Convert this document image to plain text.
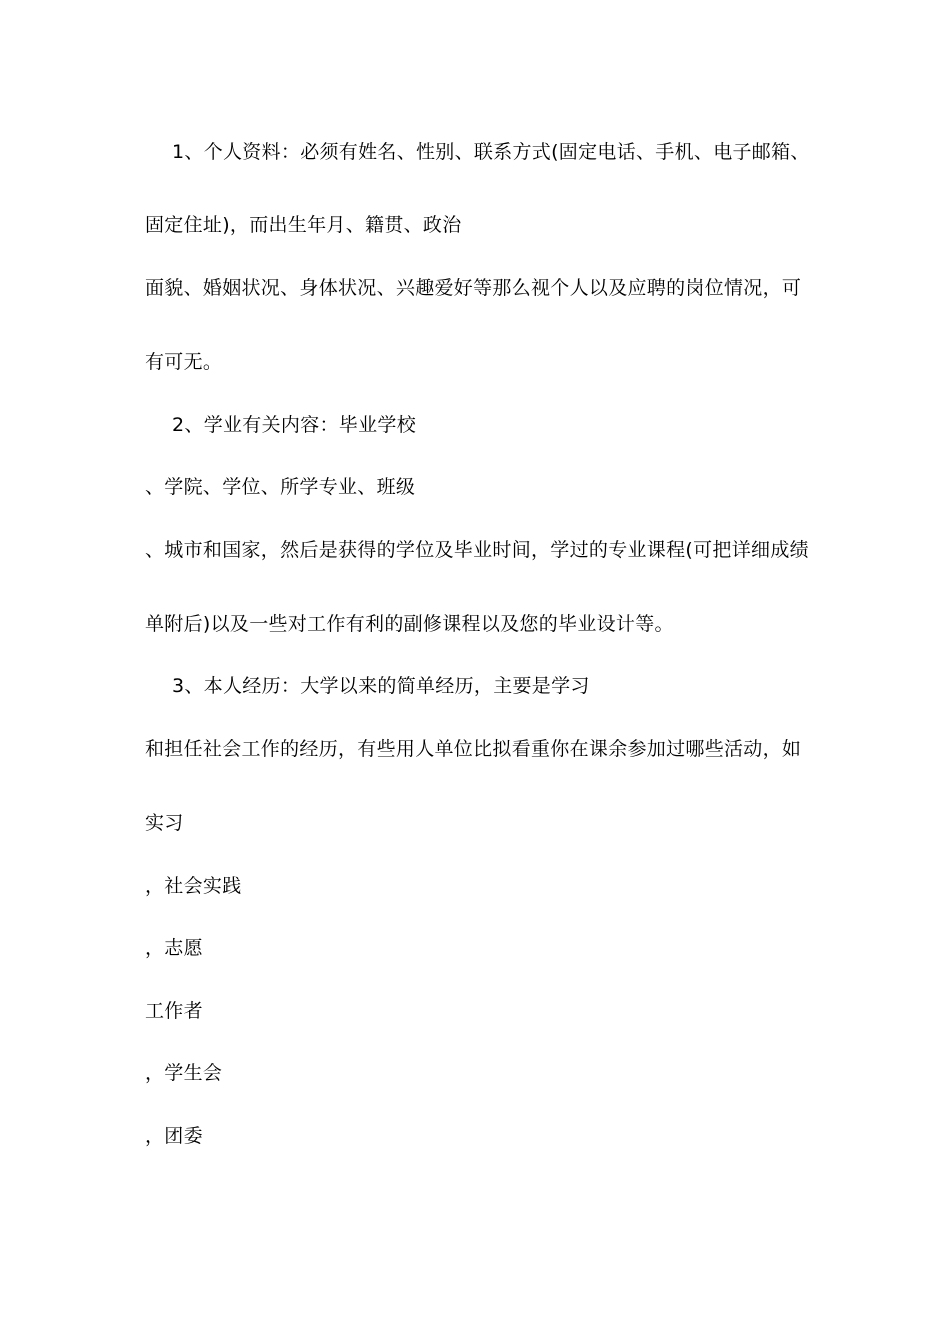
1、个人资料：必须有姓名、性别、联系方式(固定电话、手机、电子邮箱、
固定住址)，而出生年月、籍贯、政治
面貌、婚姻状况、身体状况、兴趣爱好等那么视个人以及应聘的岗位情况，可
有可无。
2、学业有关内容：毕业学校
、学院、学位、所学专业、班级
、城市和国家，然后是获得的学位及毕业时间，学过的专业课程(可把详细成绩
单附后)以及一些对工作有利的副修课程以及您的毕业设计等。
3、本人经历：大学以来的简单经历，主要是学习
和担任社会工作的经历，有些用人单位比拟看重你在课余参加过哪些活动，如
实习
，社会实践
，志愿
工作者
，学生会
，团委
